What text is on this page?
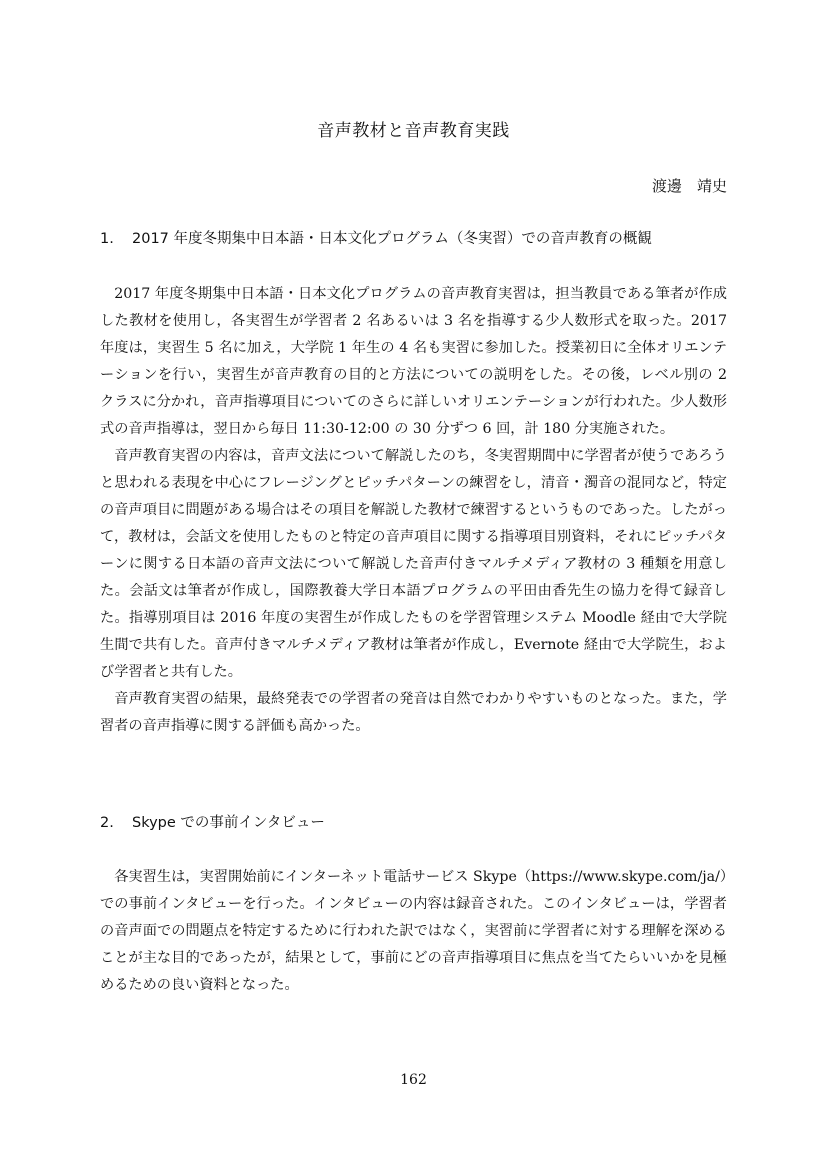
音声教材と音声教育実践
渡邊　靖史
1. 2017 年度冬期集中日本語・日本文化プログラム（冬実習）での音声教育の概観

2017 年度冬期集中日本語・日本文化プログラムの音声教育実習は，担当教員である筆者が作成した教材を使用し，各実習生が学習者 2 名あるいは 3 名を指導する少人数形式を取った。2017 年度は，実習生 5 名に加え，大学院 1 年生の 4 名も実習に参加した。授業初日に全体オリエンテーションを行い，実習生が音声教育の目的と方法についての説明をした。その後，レベル別の 2 クラスに分かれ，音声指導項目についてのさらに詳しいオリエンテーションが行われた。少人数形式の音声指導は，翌日から毎日 11:30-12:00 の 30 分ずつ 6 回，計 180 分実施された。

音声教育実習の内容は，音声文法について解説したのち，冬実習期間中に学習者が使うであろうと思われる表現を中心にフレージングとピッチパターンの練習をし，清音・濁音の混同など，特定の音声項目に問題がある場合はその項目を解説した教材で練習するというものであった。したがって，教材は，会話文を使用したものと特定の音声項目に関する指導項目別資料，それにピッチパターンに関する日本語の音声文法について解説した音声付きマルチメディア教材の 3 種類を用意した。会話文は筆者が作成し，国際教養大学日本語プログラムの平田由香先生の協力を得て録音した。指導別項目は 2016 年度の実習生が作成したものを学習管理システム Moodle 経由で大学院生間で共有した。音声付きマルチメディア教材は筆者が作成し，Evernote 経由で大学院生，および学習者と共有した。

音声教育実習の結果，最終発表での学習者の発音は自然でわかりやすいものとなった。また，学習者の音声指導に関する評価も高かった。

2. Skype での事前インタビュー

各実習生は，実習開始前にインターネット電話サービス Skype（https://www.skype.com/ja/）での事前インタビューを行った。インタビューの内容は録音された。このインタビューは，学習者の音声面での問題点を特定するために行われた訳ではなく，実習前に学習者に対する理解を深めることが主な目的であったが，結果として，事前にどの音声指導項目に焦点を当てたらいいかを見極めるための良い資料となった。

162
